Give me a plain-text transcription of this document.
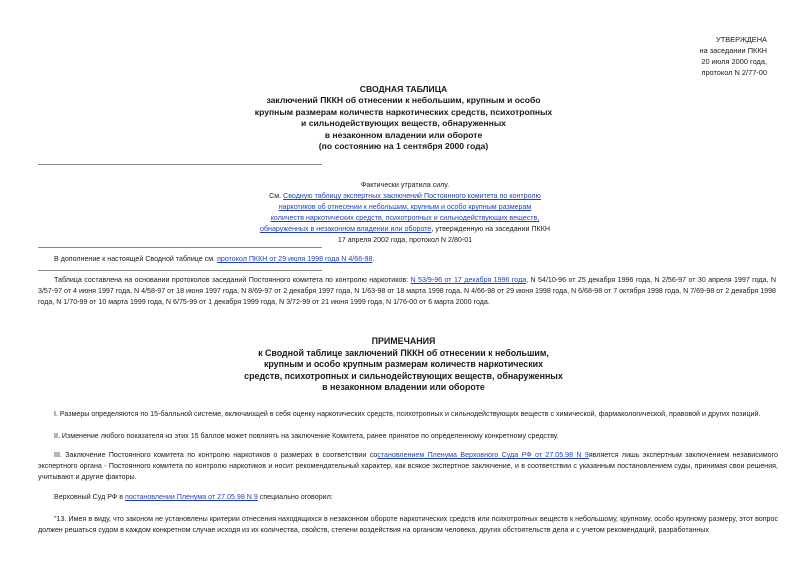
УТВЕРЖДЕНА
на заседании ПККН
20 июля 2000 года,
протокол N 2/77-00
СВОДНАЯ ТАБЛИЦА
заключений ПККН об отнесении к небольшим, крупным и особо
крупным размерам количеств наркотических средств, психотропных
и сильнодействующих веществ, обнаруженных
в незаконном владении или обороте
(по состоянию на 1 сентября 2000 года)
Фактически утратила силу.
См. Сводную таблицу экспертных заключений Постоянного комитета по контролю
наркотиков об отнесении к небольшим, крупным и особо крупным размерам
количеств наркотических средств, психотропных и сильнодействующих веществ,
обнаруженных в незаконном владении или обороте, утвержденную на заседании ПККН
17 апреля 2002 года, протокол N 2/80-01
В дополнение к настоящей Сводной таблице см. протокол ПККН от 29 июля 1998 года N 4/66-98.
Таблица составлена на основании протоколов заседаний Постоянного комитета по контролю наркотиков: N 53/9-96 от 17 декабря 1996 года, N 54/10-96 от 25 декабря 1996 года, N 2/56-97 от 30 апреля 1997 года, N 3/57-97 от 4 июня 1997 года, N 4/58-97 от 18 июня 1997 года, N 8/69-97 от 2 декабря 1997 года, N 1/63-98 от 18 марта 1998 года, N 4/66-98 от 29 июня 1998 года, N 6/68-98 от 7 октября 1998 года, N 7/69-98 от 2 декабря 1998 года, N 1/70-99 от 10 марта 1999 года, N 6/75-99 от 1 декабря 1999 года, N 3/72-99 от 21 июня 1999 года, N 1/76-00 от 6 марта 2000 года.
ПРИМЕЧАНИЯ
к Сводной таблице заключений ПККН об отнесении к небольшим,
крупным и особо крупным размерам количеств наркотических
средств, психотропных и сильнодействующих веществ, обнаруженных
в незаконном владении или обороте
I. Размеры определяются по 15-балльной системе, включающей в себя оценку наркотических средств, психотропных и сильнодействующих веществ с химической, фармакологической, правовой и других позиций.
II. Изменение любого показателя из этих 15 баллов может повлиять на заключение Комитета, ранее принятое по определенному конкретному средству.
III. Заключение Постоянного комитета по контролю наркотиков о размерах в соответствии состановлением Пленума Верховного Суда РФ от 27.05.98 N 9является лишь экспертным заключением независимого экспертного органа - Постоянного комитета по контролю наркотиков и носит рекомендательный характер, как всякое экспертное заключение, и в соответствии с указанным постановлением суды, принимая свои решения, учитывают и другие факторы.
Верховный Суд РФ в постановлении Пленума от 27.05.98 N 9 специально оговорил:
"13. Имея в виду, что законом не установлены критерии отнесения находящихся в незаконном обороте наркотических средств или психотропных веществ к небольшому, крупному, особо крупному размеру, этот вопрос должен решаться судом в каждом конкретном случае исходя из их количества, свойств, степени воздействия на организм человека, других обстоятельств дела и с учетом рекомендаций, разработанных
